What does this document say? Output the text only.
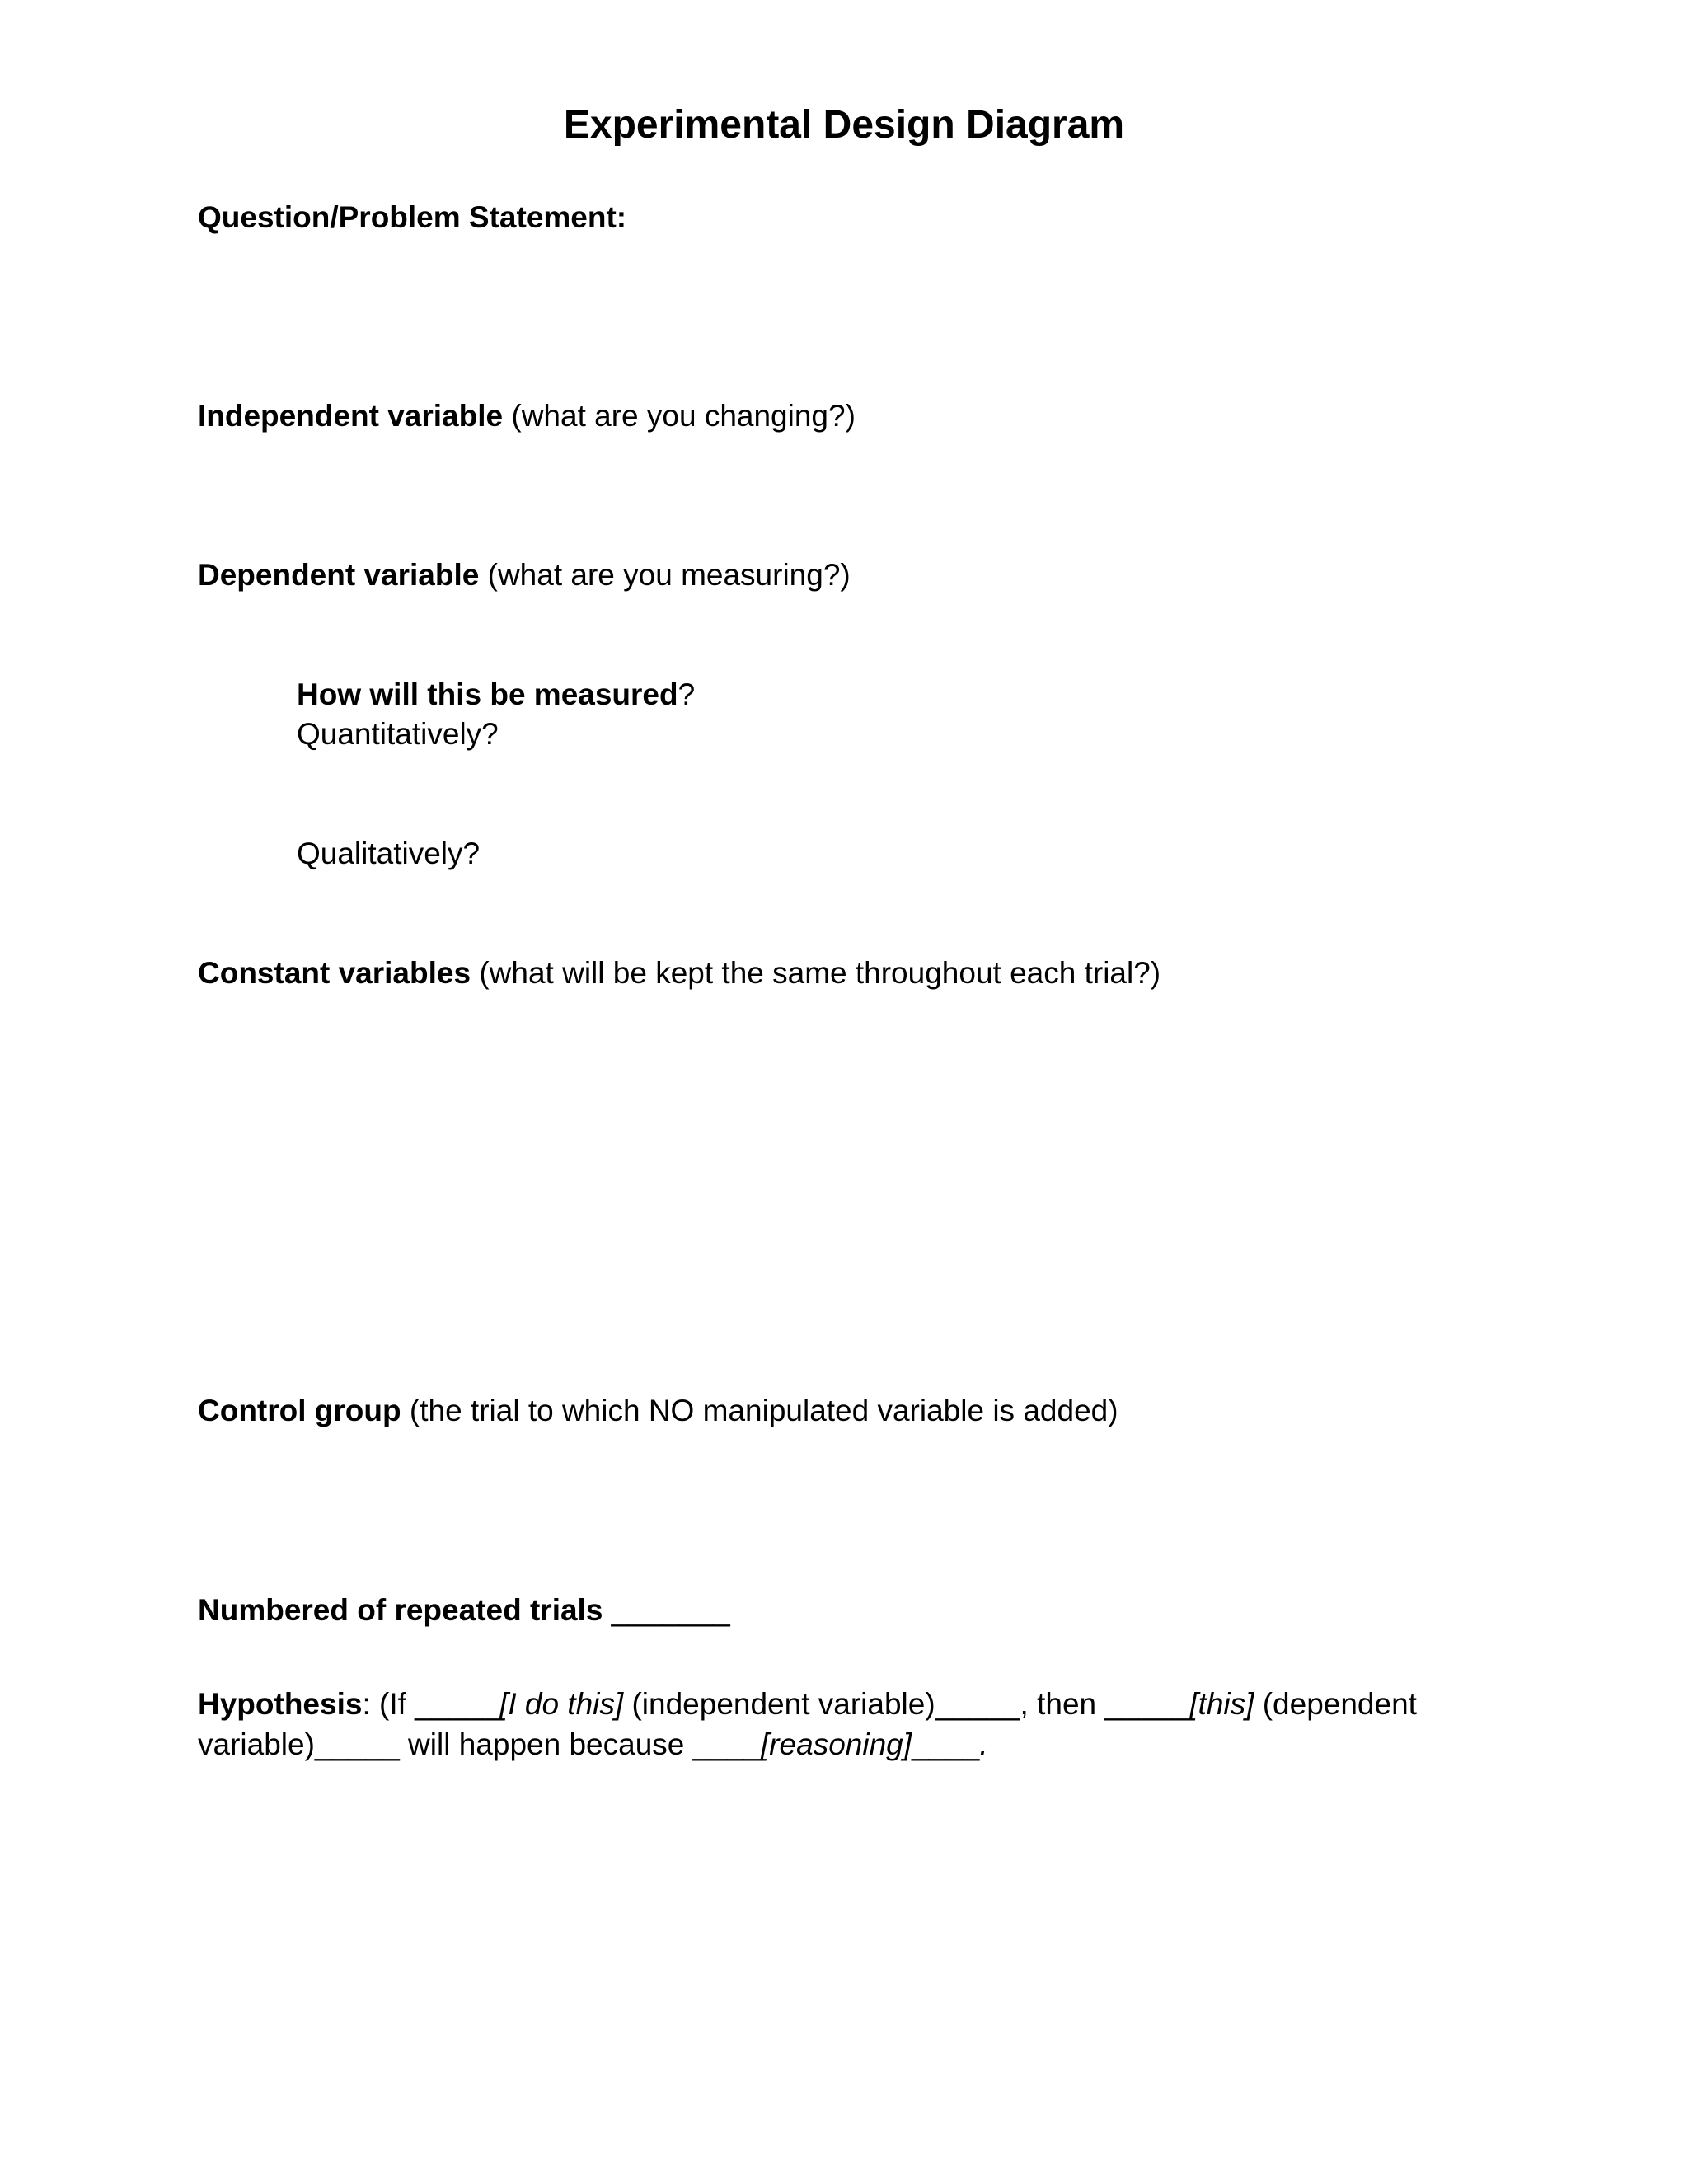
Experimental Design Diagram
Question/Problem Statement:
Independent variable (what are you changing?)
Dependent variable (what are you measuring?)
How will this be measured?
Quantitatively?
Qualitatively?
Constant variables (what will be kept the same throughout each trial?)
Control group (the trial to which NO manipulated variable is added)
Numbered of repeated trials _______
Hypothesis: (If _____[I do this] (independent variable)_____, then _____[this] (dependent variable)_____ will happen because ____[reasoning]____.
